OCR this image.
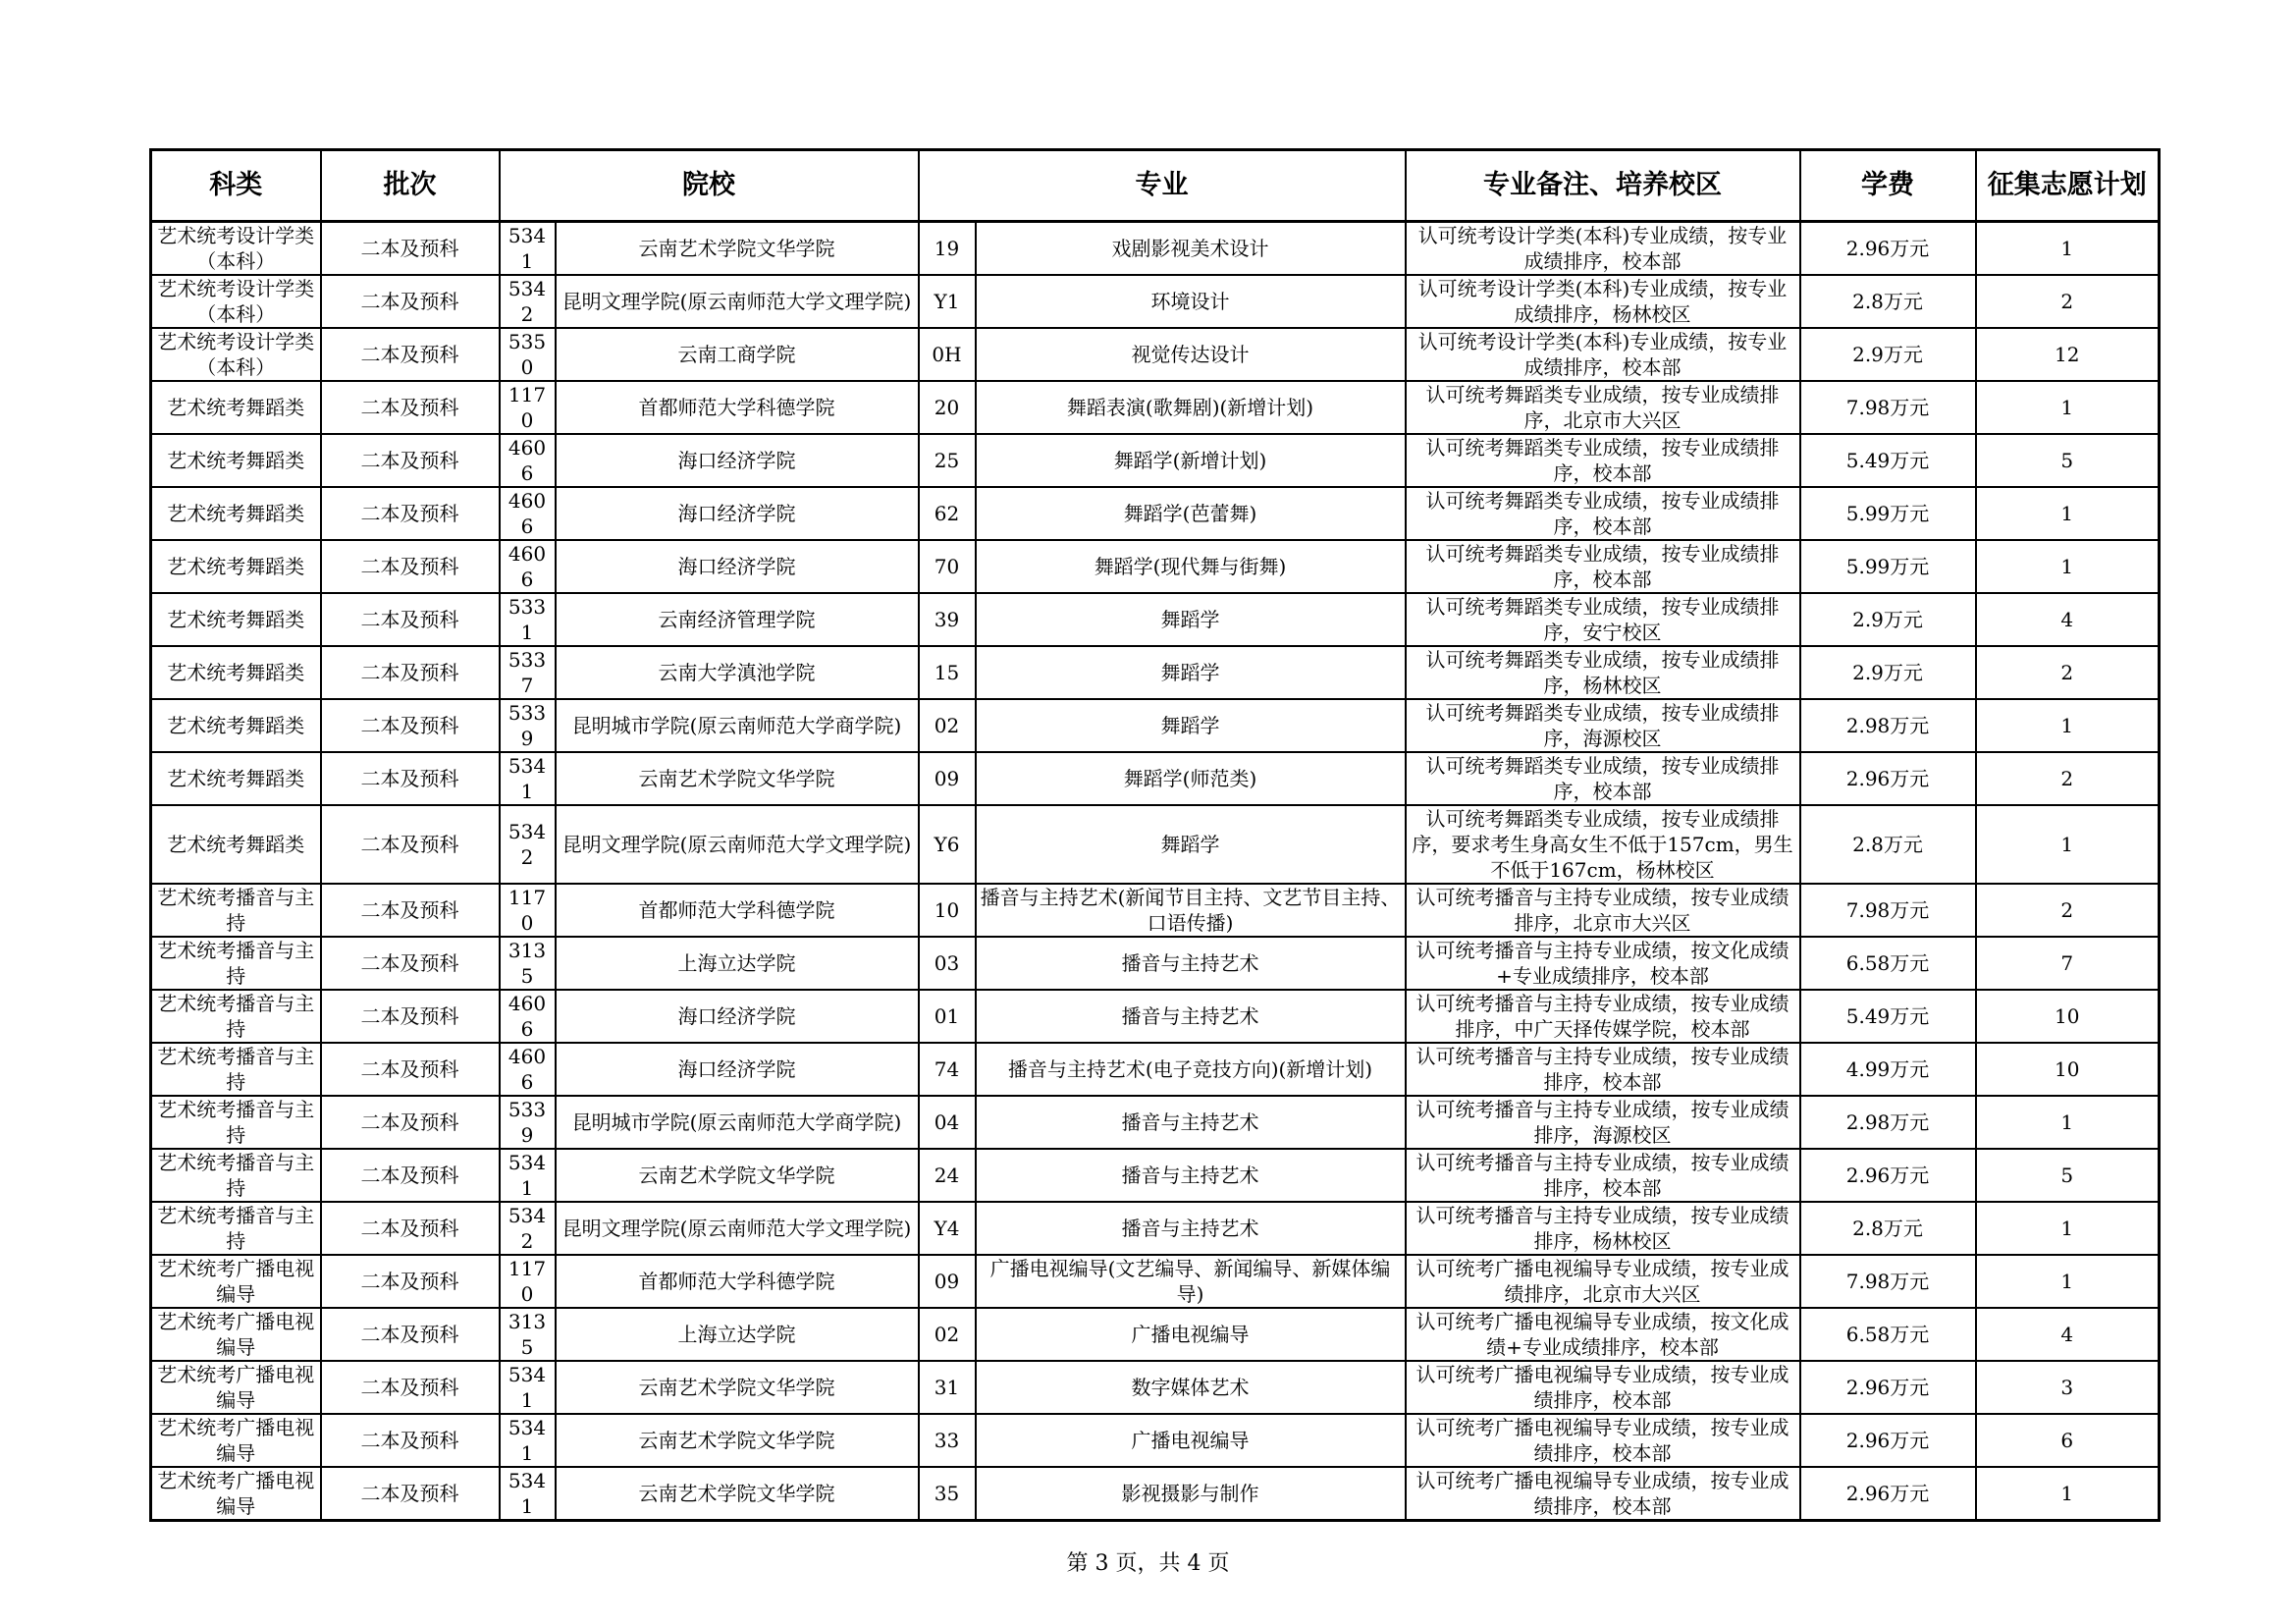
科类	批次	院校		专业		专业备注、培养校区	学费	征集志愿计划
艺术统考设计学类（本科）	二本及预科	5341	云南艺术学院文华学院	19	戏剧影视美术设计	认可统考设计学类(本科)专业成绩，按专业成绩排序，校本部	2.96万元	1
艺术统考设计学类（本科）	二本及预科	5342	昆明文理学院(原云南师范大学文理学院)	Y1	环境设计	认可统考设计学类(本科)专业成绩，按专业成绩排序，杨林校区	2.8万元	2
艺术统考设计学类（本科）	二本及预科	5350	云南工商学院	0H	视觉传达设计	认可统考设计学类(本科)专业成绩，按专业成绩排序，校本部	2.9万元	12
艺术统考舞蹈类	二本及预科	1170	首都师范大学科德学院	20	舞蹈表演(歌舞剧)(新增计划)	认可统考舞蹈类专业成绩，按专业成绩排序，北京市大兴区	7.98万元	1
艺术统考舞蹈类	二本及预科	4606	海口经济学院	25	舞蹈学(新增计划)	认可统考舞蹈类专业成绩，按专业成绩排序，校本部	5.49万元	5
艺术统考舞蹈类	二本及预科	4606	海口经济学院	62	舞蹈学(芭蕾舞)	认可统考舞蹈类专业成绩，按专业成绩排序，校本部	5.99万元	1
艺术统考舞蹈类	二本及预科	4606	海口经济学院	70	舞蹈学(现代舞与街舞)	认可统考舞蹈类专业成绩，按专业成绩排序，校本部	5.99万元	1
艺术统考舞蹈类	二本及预科	5331	云南经济管理学院	39	舞蹈学	认可统考舞蹈类专业成绩，按专业成绩排序，安宁校区	2.9万元	4
艺术统考舞蹈类	二本及预科	5337	云南大学滇池学院	15	舞蹈学	认可统考舞蹈类专业成绩，按专业成绩排序，杨林校区	2.9万元	2
艺术统考舞蹈类	二本及预科	5339	昆明城市学院(原云南师范大学商学院)	02	舞蹈学	认可统考舞蹈类专业成绩，按专业成绩排序，海源校区	2.98万元	1
艺术统考舞蹈类	二本及预科	5341	云南艺术学院文华学院	09	舞蹈学(师范类)	认可统考舞蹈类专业成绩，按专业成绩排序，校本部	2.96万元	2
艺术统考舞蹈类	二本及预科	5342	昆明文理学院(原云南师范大学文理学院)	Y6	舞蹈学	认可统考舞蹈类专业成绩，按专业成绩排序，要求考生身高女生不低于157cm，男生不低于167cm，杨林校区	2.8万元	1
艺术统考播音与主持	二本及预科	1170	首都师范大学科德学院	10	播音与主持艺术(新闻节目主持、文艺节目主持、口语传播)	认可统考播音与主持专业成绩，按专业成绩排序，北京市大兴区	7.98万元	2
艺术统考播音与主持	二本及预科	3135	上海立达学院	03	播音与主持艺术	认可统考播音与主持专业成绩，按文化成绩+专业成绩排序，校本部	6.58万元	7
艺术统考播音与主持	二本及预科	4606	海口经济学院	01	播音与主持艺术	认可统考播音与主持专业成绩，按专业成绩排序，中广天择传媒学院，校本部	5.49万元	10
艺术统考播音与主持	二本及预科	4606	海口经济学院	74	播音与主持艺术(电子竞技方向)(新增计划)	认可统考播音与主持专业成绩，按专业成绩排序，校本部	4.99万元	10
艺术统考播音与主持	二本及预科	5339	昆明城市学院(原云南师范大学商学院)	04	播音与主持艺术	认可统考播音与主持专业成绩，按专业成绩排序，海源校区	2.98万元	1
艺术统考播音与主持	二本及预科	5341	云南艺术学院文华学院	24	播音与主持艺术	认可统考播音与主持专业成绩，按专业成绩排序，校本部	2.96万元	5
艺术统考播音与主持	二本及预科	5342	昆明文理学院(原云南师范大学文理学院)	Y4	播音与主持艺术	认可统考播音与主持专业成绩，按专业成绩排序，杨林校区	2.8万元	1
艺术统考广播电视编导	二本及预科	1170	首都师范大学科德学院	09	广播电视编导(文艺编导、新闻编导、新媒体编导)	认可统考广播电视编导专业成绩，按专业成绩排序，北京市大兴区	7.98万元	1
艺术统考广播电视编导	二本及预科	3135	上海立达学院	02	广播电视编导	认可统考广播电视编导专业成绩，按文化成绩+专业成绩排序，校本部	6.58万元	4
艺术统考广播电视编导	二本及预科	5341	云南艺术学院文华学院	31	数字媒体艺术	认可统考广播电视编导专业成绩，按专业成绩排序，校本部	2.96万元	3
艺术统考广播电视编导	二本及预科	5341	云南艺术学院文华学院	33	广播电视编导	认可统考广播电视编导专业成绩，按专业成绩排序，校本部	2.96万元	6
艺术统考广播电视编导	二本及预科	5341	云南艺术学院文华学院	35	影视摄影与制作	认可统考广播电视编导专业成绩，按专业成绩排序，校本部	2.96万元	1
第 3 页，共 4 页
